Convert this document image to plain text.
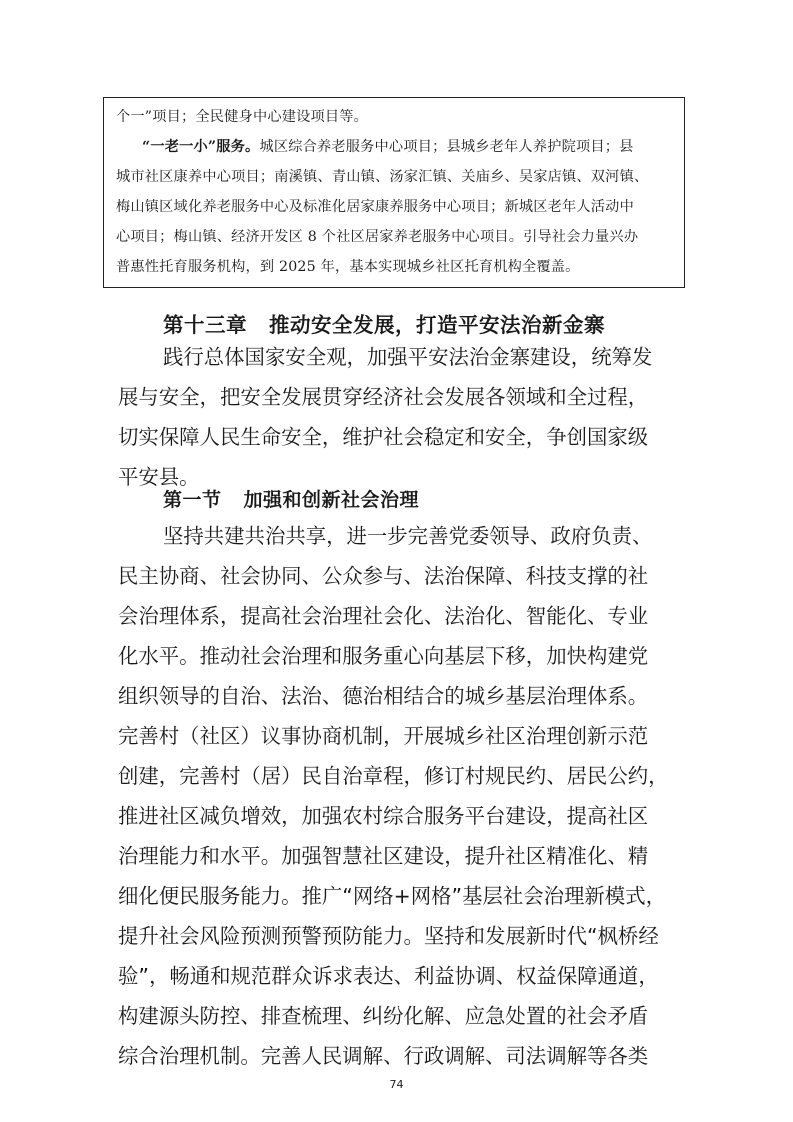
个一”项目；全民健身中心建设项目等。
“一老一小”服务。城区综合养老服务中心项目；县城乡老年人养护院项目；县
城市社区康养中心项目；南溪镇、青山镇、汤家汇镇、关庙乡、吴家店镇、双河镇、
梅山镇区域化养老服务中心及标准化居家康养服务中心项目；新城区老年人活动中
心项目；梅山镇、经济开发区 8 个社区居家养老服务中心项目。引导社会力量兴办
普惠性托育服务机构，到 2025 年，基本实现城乡社区托育机构全覆盖。
第十三章 推动安全发展，打造平安法治新金寨
践行总体国家安全观，加强平安法治金寨建设，统筹发
展与安全，把安全发展贯穿经济社会发展各领域和全过程，
切实保障人民生命安全，维护社会稳定和安全，争创国家级
平安县。
第一节 加强和创新社会治理
坚持共建共治共享，进一步完善党委领导、政府负责、
民主协商、社会协同、公众参与、法治保障、科技支撑的社
会治理体系，提高社会治理社会化、法治化、智能化、专业
化水平。推动社会治理和服务重心向基层下移，加快构建党
组织领导的自治、法治、德治相结合的城乡基层治理体系。
完善村（社区）议事协商机制，开展城乡社区治理创新示范
创建，完善村（居）民自治章程，修订村规民约、居民公约，
推进社区减负增效，加强农村综合服务平台建设，提高社区
治理能力和水平。加强智慧社区建设，提升社区精准化、精
细化便民服务能力。推广“网络+网格”基层社会治理新模式，
提升社会风险预测预警预防能力。坚持和发展新时代“枫桥经
验”，畅通和规范群众诉求表达、利益协调、权益保障通道，
构建源头防控、排查梳理、纠纷化解、应急处置的社会矛盾
综合治理机制。完善人民调解、行政调解、司法调解等各类
74
